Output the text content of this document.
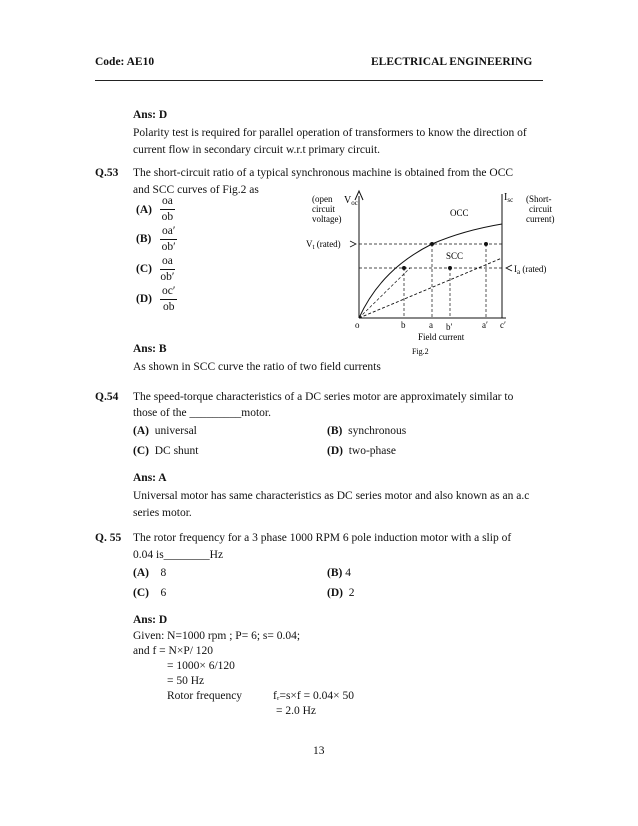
Code: AE10	ELECTRICAL ENGINEERING
Ans: D
Polarity test is required for parallel operation of transformers to know the direction of
current flow in secondary circuit w.r.t primary circuit.
Q.53 The short-circuit ratio of a typical synchronous machine is obtained from the OCC
and SCC curves of Fig.2 as
$(A) \frac{oa}{ob}$
$(B) \frac{oa'}{ob'}$
$(C) \frac{oa}{ob'}$
$(D) \frac{oc'}{ob}$
(open
circuit
voltage)
$V_{oc}$	$I_{sc}$ (Short-
circuit
current)
$V_t$ (rated)
$I_a$ (rated)
OCC
SCC
o	b	a b′	a′ c′
Field current
Fig.2
Ans: B
As shown in SCC curve the ratio of two field currents
Q.54 The speed-torque characteristics of a DC series motor are approximately similar to
those of the _________motor.
(A) universal	(B) synchronous
(C) DC shunt	(D) two-phase
Ans: A
Universal motor has same characteristics as DC series motor and also known as an a.c
series motor.
Q. 55 The rotor frequency for a 3 phase 1000 RPM 6 pole induction motor with a slip of
0.04 is________Hz
(A) 8	(B) 4
(C) 6	(D) 2
Ans: D
Given: N=1000 rpm ; P= 6; s= 0.04;
and f = N×P/ 120
= 1000× 6/120
= 50 Hz
Rotor frequency	fᵣ=s×f = 0.04× 50
= 2.0 Hz
13
